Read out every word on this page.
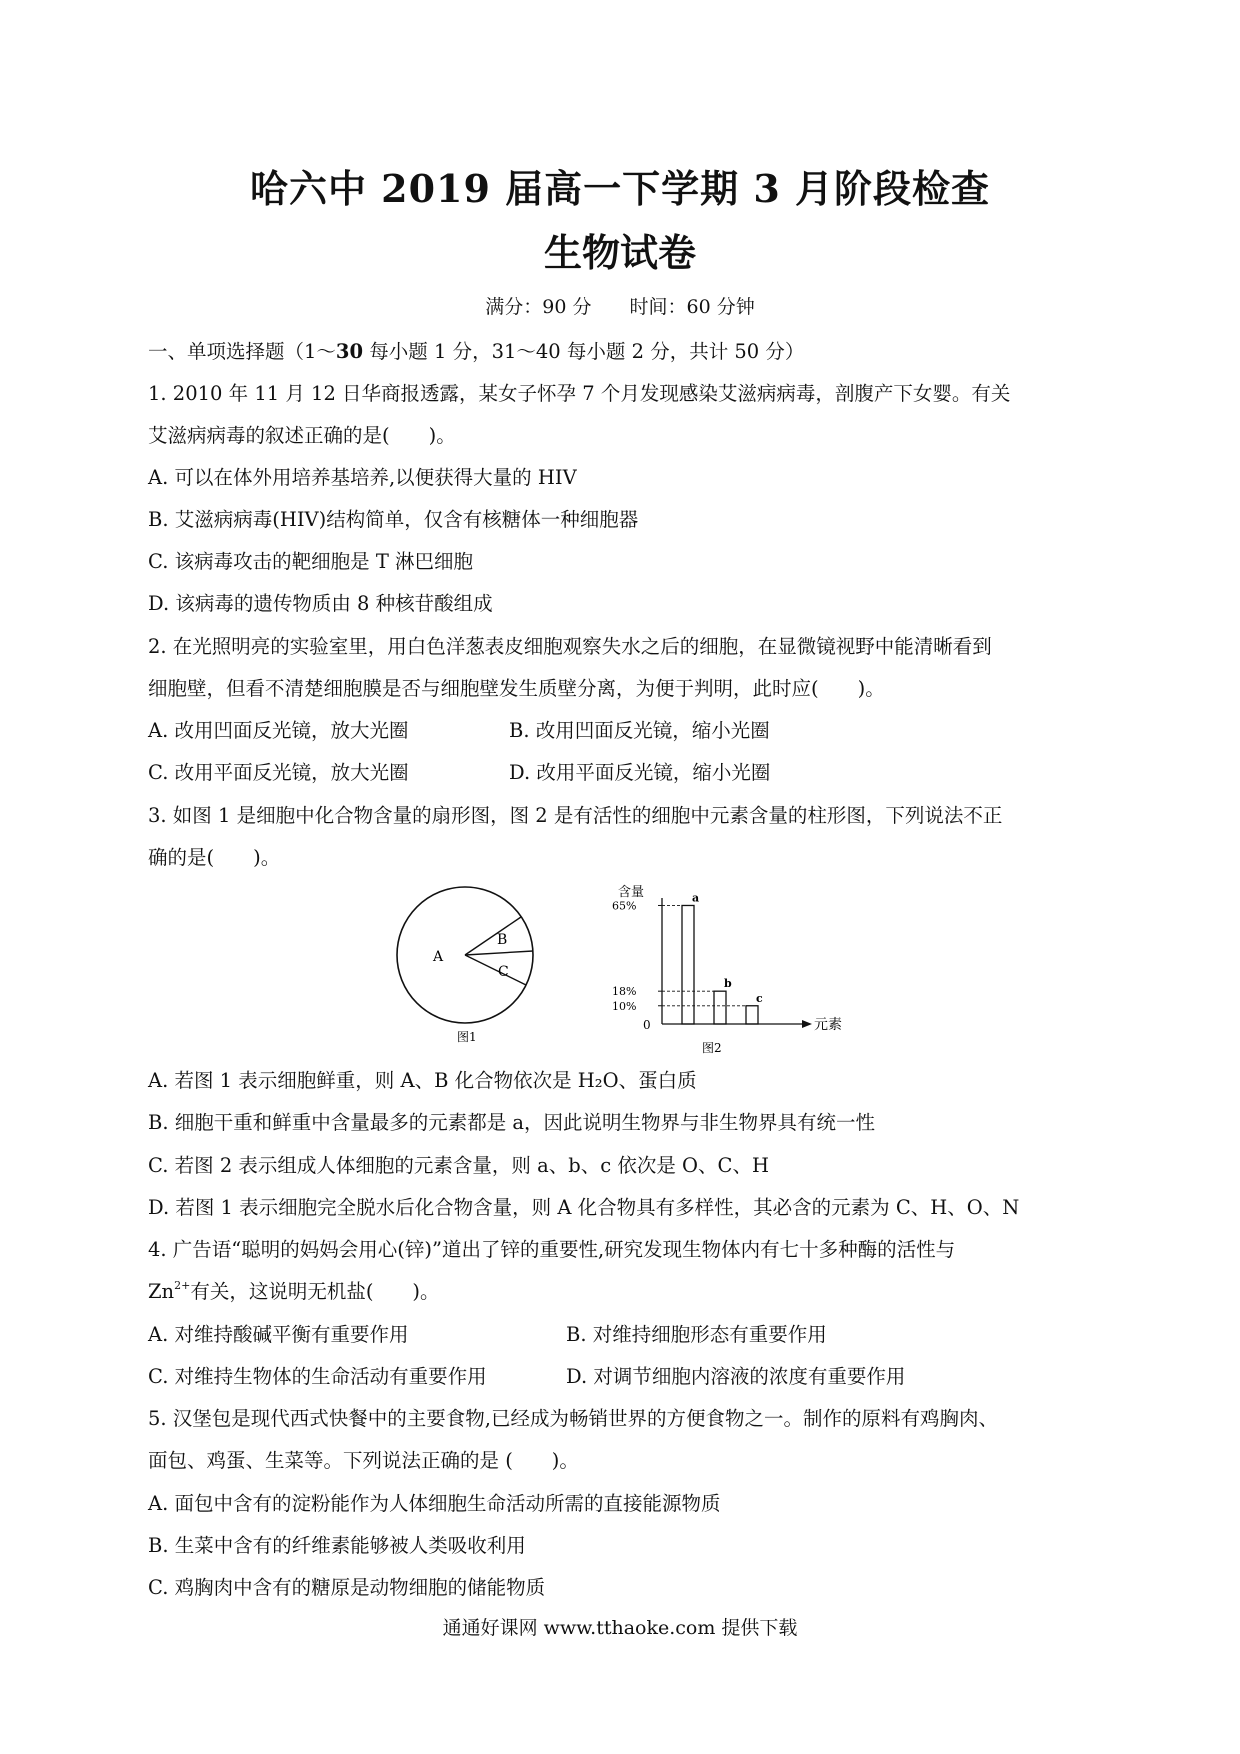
哈六中 2019 届高一下学期 3 月阶段检查
生物试卷
满分：90 分 时间：60 分钟
一、单项选择题（1～30 每小题 1 分，31～40 每小题 2 分，共计 50 分）
1. 2010 年 11 月 12 日华商报透露，某女子怀孕 7 个月发现感染艾滋病病毒，剖腹产下女婴。有关
艾滋病病毒的叙述正确的是(　　)。
A. 可以在体外用培养基培养,以便获得大量的 HIV
B. 艾滋病病毒(HIV)结构简单，仅含有核糖体一种细胞器
C. 该病毒攻击的靶细胞是 T 淋巴细胞
D. 该病毒的遗传物质由 8 种核苷酸组成
2. 在光照明亮的实验室里，用白色洋葱表皮细胞观察失水之后的细胞，在显微镜视野中能清晰看到
细胞壁，但看不清楚细胞膜是否与细胞壁发生质壁分离，为便于判明，此时应(　　)。
A. 改用凹面反光镜，放大光圈	B. 改用凹面反光镜，缩小光圈
C. 改用平面反光镜，放大光圈	D. 改用平面反光镜，缩小光圈
3. 如图 1 是细胞中化合物含量的扇形图，图 2 是有活性的细胞中元素含量的柱形图，下列说法不正
确的是(　　)。
A
B
C
图1
含量
元素
0
65%
a
18%
b
10%
c
图2
A. 若图 1 表示细胞鲜重，则 A、B 化合物依次是 H₂O、蛋白质
B. 细胞干重和鲜重中含量最多的元素都是 a，因此说明生物界与非生物界具有统一性
C. 若图 2 表示组成人体细胞的元素含量，则 a、b、c 依次是 O、C、H
D. 若图 1 表示细胞完全脱水后化合物含量，则 A 化合物具有多样性，其必含的元素为 C、H、O、N
4. 广告语“聪明的妈妈会用心(锌)”道出了锌的重要性,研究发现生物体内有七十多种酶的活性与
$Zn^{2+}$有关，这说明无机盐(　　)。
A. 对维持酸碱平衡有重要作用	B. 对维持细胞形态有重要作用
C. 对维持生物体的生命活动有重要作用	D. 对调节细胞内溶液的浓度有重要作用
5. 汉堡包是现代西式快餐中的主要食物,已经成为畅销世界的方便食物之一。制作的原料有鸡胸肉、
面包、鸡蛋、生菜等。下列说法正确的是 (　　)。
A. 面包中含有的淀粉能作为人体细胞生命活动所需的直接能源物质
B. 生菜中含有的纤维素能够被人类吸收利用
C. 鸡胸肉中含有的糖原是动物细胞的储能物质
通通好课网 www.tthaoke.com 提供下载
